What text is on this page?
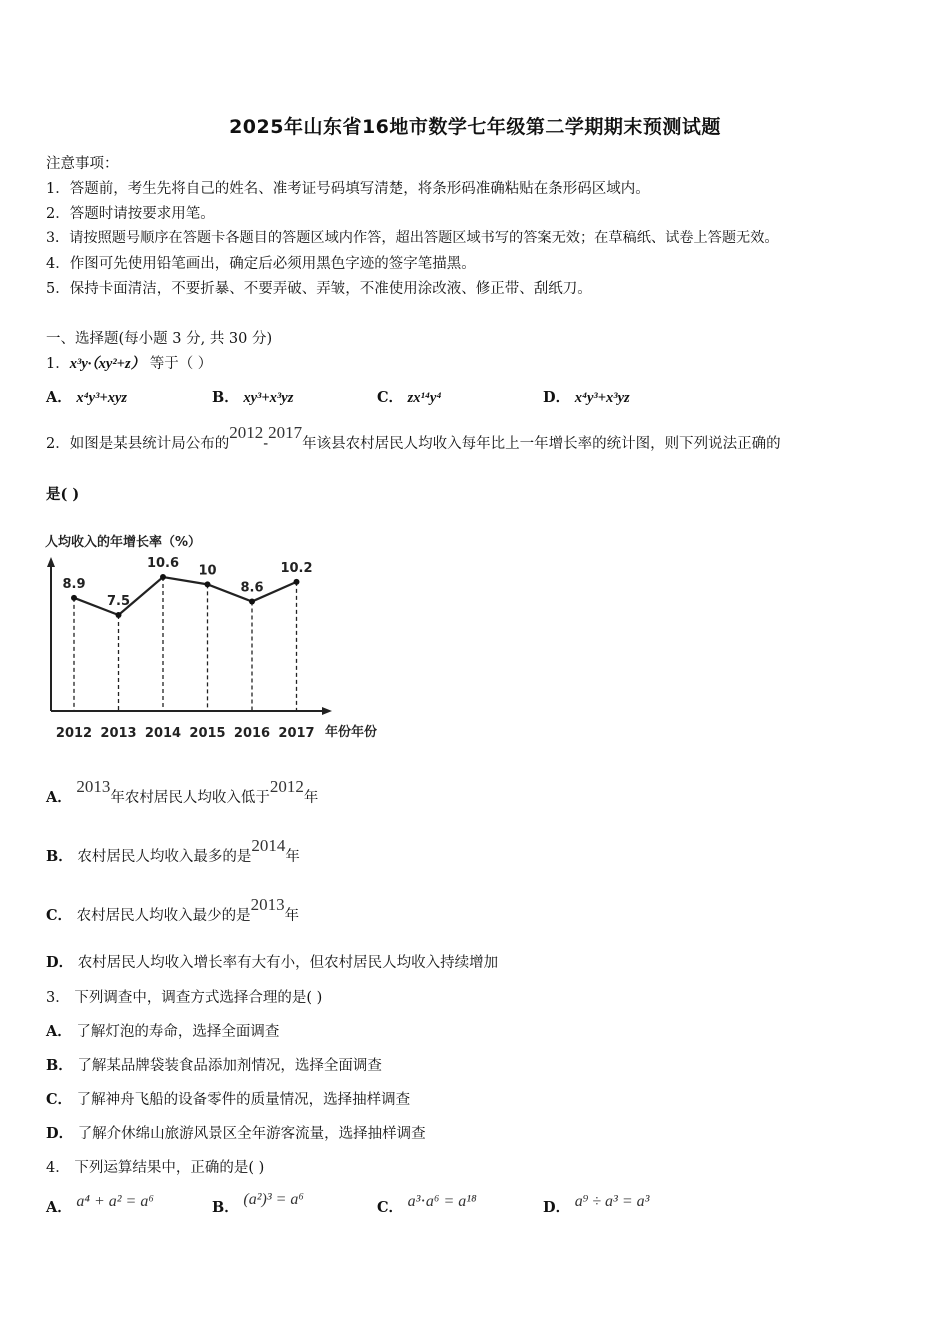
2025年山东省16地市数学七年级第二学期期末预测试题
注意事项：
1．答题前，考生先将自己的姓名、准考证号码填写清楚，将条形码准确粘贴在条形码区域内。
2．答题时请按要求用笔。
3．请按照题号顺序在答题卡各题目的答题区域内作答，超出答题区域书写的答案无效；在草稿纸、试卷上答题无效。
4．作图可先使用铅笔画出，确定后必须用黑色字迹的签字笔描黑。
5．保持卡面清洁，不要折暴、不要弄破、弄皱，不准使用涂改液、修正带、刮纸刀。
一、选择题(每小题 3 分, 共 30 分)
1．x³y·（xy²+z） 等于（ ）
A． x⁴y³+xyz	B． xy³+x³yz	C． zx¹⁴y⁴	D． x⁴y³+x³yz
2．如图是某县统计局公布的2012-2017年该县农村居民人均收入每年比上一年增长率的统计图，则下列说法正确的
是( )
人均收入的年增长率（%）
8.9
7.5
10.6 10
8.6
10.2
2012 2013 2014 2015 2016 2017 年份年份
A． 2013年农村居民人均收入低于2012年
B． 农村居民人均收入最多的是2014年
C． 农村居民人均收入最少的是2013年
D． 农村居民人均收入增长率有大有小，但农村居民人均收入持续增加
3． 下列调查中，调查方式选择合理的是( )
A． 了解灯泡的寿命，选择全面调查
B． 了解某品牌袋装食品添加剂情况，选择全面调查
C． 了解神舟飞船的设备零件的质量情况，选择抽样调查
D． 了解介休绵山旅游风景区全年游客流量，选择抽样调查
4． 下列运算结果中，正确的是( )
A． a⁴ + a² = a⁶	B． (a²)³ = a⁶	C． a³⋅a⁶ = a¹⁸	D． a⁹ ÷ a³ = a³
